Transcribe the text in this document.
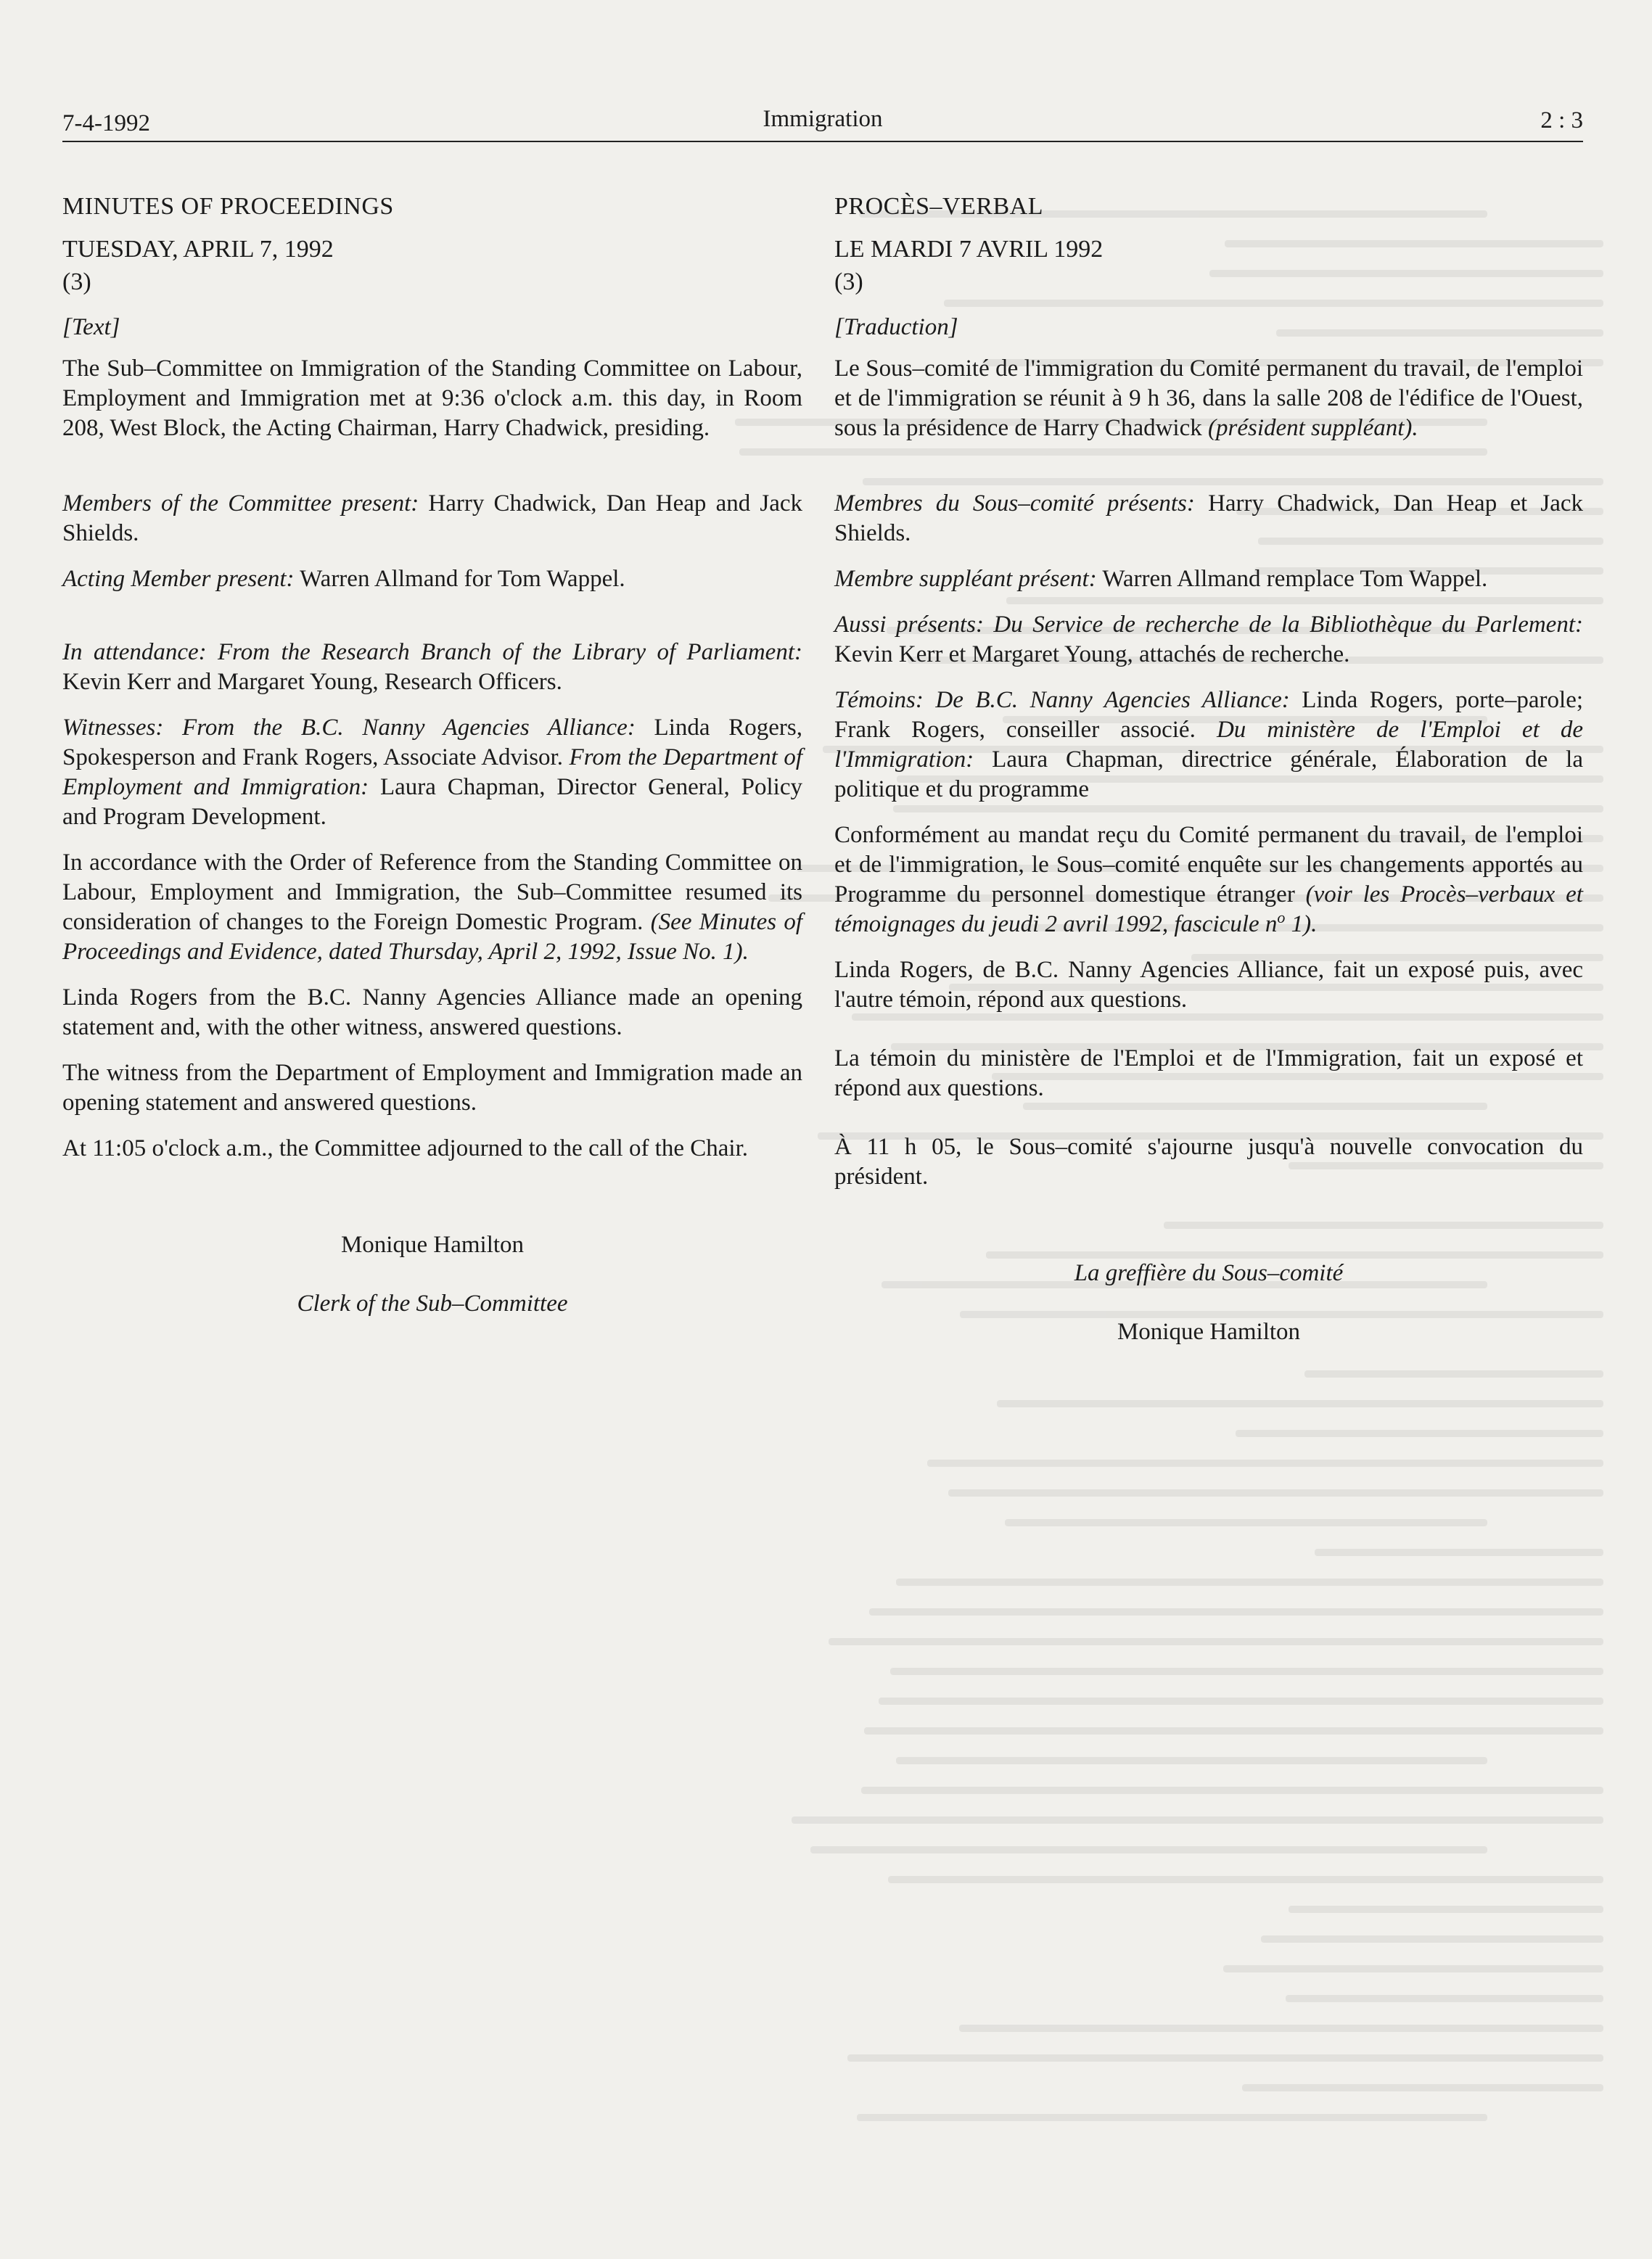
7-4-1992	Immigration	2 : 3

MINUTES OF PROCEEDINGS

TUESDAY, APRIL 7, 1992

(3)

[Text]

The Sub–Committee on Immigration of the Standing Committee on Labour, Employment and Immigration met at 9:36 o'clock a.m. this day, in Room 208, West Block, the Acting Chairman, Harry Chadwick, presiding.

Members of the Committee present: Harry Chadwick, Dan Heap and Jack Shields.

Acting Member present: Warren Allmand for Tom Wappel.

In attendance: From the Research Branch of the Library of Parliament: Kevin Kerr and Margaret Young, Research Officers.

Witnesses: From the B.C. Nanny Agencies Alliance: Linda Rogers, Spokesperson and Frank Rogers, Associate Advisor. From the Department of Employment and Immigration: Laura Chapman, Director General, Policy and Program Development.

In accordance with the Order of Reference from the Standing Committee on Labour, Employment and Immigration, the Sub–Committee resumed its consideration of changes to the Foreign Domestic Program. (See Minutes of Proceedings and Evidence, dated Thursday, April 2, 1992, Issue No. 1).

Linda Rogers from the B.C. Nanny Agencies Alliance made an opening statement and, with the other witness, answered questions.

The witness from the Department of Employment and Immigration made an opening statement and answered questions.

At 11:05 o'clock a.m., the Committee adjourned to the call of the Chair.

Monique Hamilton

Clerk of the Sub–Committee

PROCÈS–VERBAL

LE MARDI 7 AVRIL 1992

(3)

[Traduction]

Le Sous–comité de l'immigration du Comité permanent du travail, de l'emploi et de l'immigration se réunit à 9 h 36, dans la salle 208 de l'édifice de l'Ouest, sous la présidence de Harry Chadwick (président suppléant).

Membres du Sous–comité présents: Harry Chadwick, Dan Heap et Jack Shields.

Membre suppléant présent: Warren Allmand remplace Tom Wappel.

Aussi présents: Du Service de recherche de la Bibliothèque du Parlement: Kevin Kerr et Margaret Young, attachés de recherche.

Témoins: De B.C. Nanny Agencies Alliance: Linda Rogers, porte–parole; Frank Rogers, conseiller associé. Du ministère de l'Emploi et de l'Immigration: Laura Chapman, directrice générale, Élaboration de la politique et du programme

Conformément au mandat reçu du Comité permanent du travail, de l'emploi et de l'immigration, le Sous–comité enquête sur les changements apportés au Programme du personnel domestique étranger (voir les Procès–verbaux et témoignages du jeudi 2 avril 1992, fascicule $n^o$ 1).

Linda Rogers, de B.C. Nanny Agencies Alliance, fait un exposé puis, avec l'autre témoin, répond aux questions.

La témoin du ministère de l'Emploi et de l'Immigration, fait un exposé et répond aux questions.

À 11 h 05, le Sous–comité s'ajourne jusqu'à nouvelle convocation du président.

La greffière du Sous–comité

Monique Hamilton
